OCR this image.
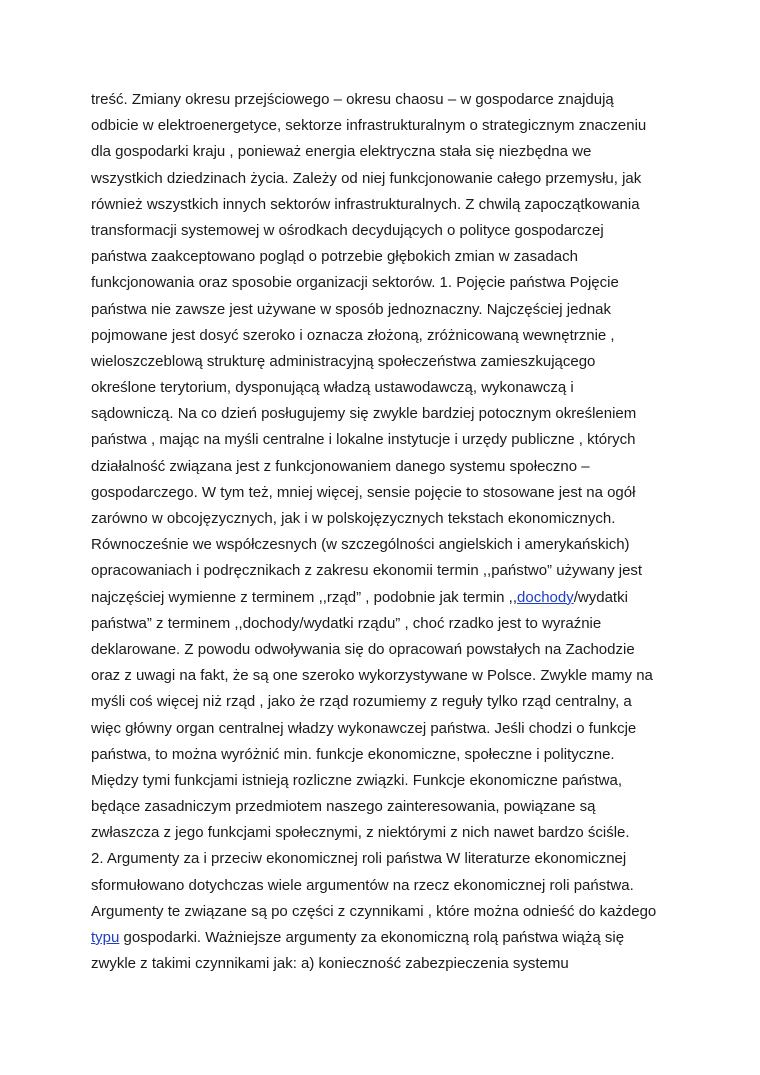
treść. Zmiany okresu przejściowego – okresu chaosu – w gospodarce znajdują
odbicie w elektroenergetyce, sektorze infrastrukturalnym o strategicznym znaczeniu
dla gospodarki kraju , ponieważ energia elektryczna stała się niezbędna we
wszystkich dziedzinach życia. Zależy od niej funkcjonowanie całego przemysłu, jak
również wszystkich innych sektorów infrastrukturalnych. Z chwilą zapoczątkowania
transformacji systemowej w ośrodkach decydujących o polityce gospodarczej
państwa zaakceptowano pogląd o potrzebie głębokich zmian w zasadach
funkcjonowania oraz sposobie organizacji sektorów. 1. Pojęcie państwa Pojęcie
państwa nie zawsze jest używane w sposób jednoznaczny. Najczęściej jednak
pojmowane jest dosyć szeroko i oznacza złożoną, zróżnicowaną wewnętrznie ,
wieloszczeblową strukturę administracyjną społeczeństwa zamieszkującego
określone terytorium, dysponującą władzą ustawodawczą, wykonawczą i
sądowniczą. Na co dzień posługujemy się zwykle bardziej potocznym określeniem
państwa , mając na myśli centralne i lokalne instytucje i urzędy publiczne , których
działalność związana jest z funkcjonowaniem danego systemu społeczno –
gospodarczego. W tym też, mniej więcej, sensie pojęcie to stosowane jest na ogół
zarówno w obcojęzycznych, jak i w polskojęzycznych tekstach ekonomicznych.
Równocześnie we współczesnych (w szczególności angielskich i amerykańskich)
opracowaniach i podręcznikach z zakresu ekonomii termin ,,państwo” używany jest
najczęściej wymienne z terminem ,,rząd” , podobnie jak termin ,,dochody/wydatki
państwa” z terminem ,,dochody/wydatki rządu” , choć rzadko jest to wyraźnie
deklarowane. Z powodu odwoływania się do opracowań powstałych na Zachodzie
oraz z uwagi na fakt, że są one szeroko wykorzystywane w Polsce. Zwykle mamy na
myśli coś więcej niż rząd , jako że rząd rozumiemy z reguły tylko rząd centralny, a
więc główny organ centralnej władzy wykonawczej państwa. Jeśli chodzi o funkcje
państwa, to można wyróżnić min. funkcje ekonomiczne, społeczne i polityczne.
Między tymi funkcjami istnieją rozliczne związki. Funkcje ekonomiczne państwa,
będące zasadniczym przedmiotem naszego zainteresowania, powiązane są
zwłaszcza z jego funkcjami społecznymi, z niektórymi z nich nawet bardzo ściśle.
2. Argumenty za i przeciw ekonomicznej roli państwa W literaturze ekonomicznej
sformułowano dotychczas wiele argumentów na rzecz ekonomicznej roli państwa.
Argumenty te związane są po części z czynnikami , które można odnieść do każdego
typu gospodarki. Ważniejsze argumenty za ekonomiczną rolą państwa wiążą się
zwykle z takimi czynnikami jak: a) konieczność zabezpieczenia systemu
